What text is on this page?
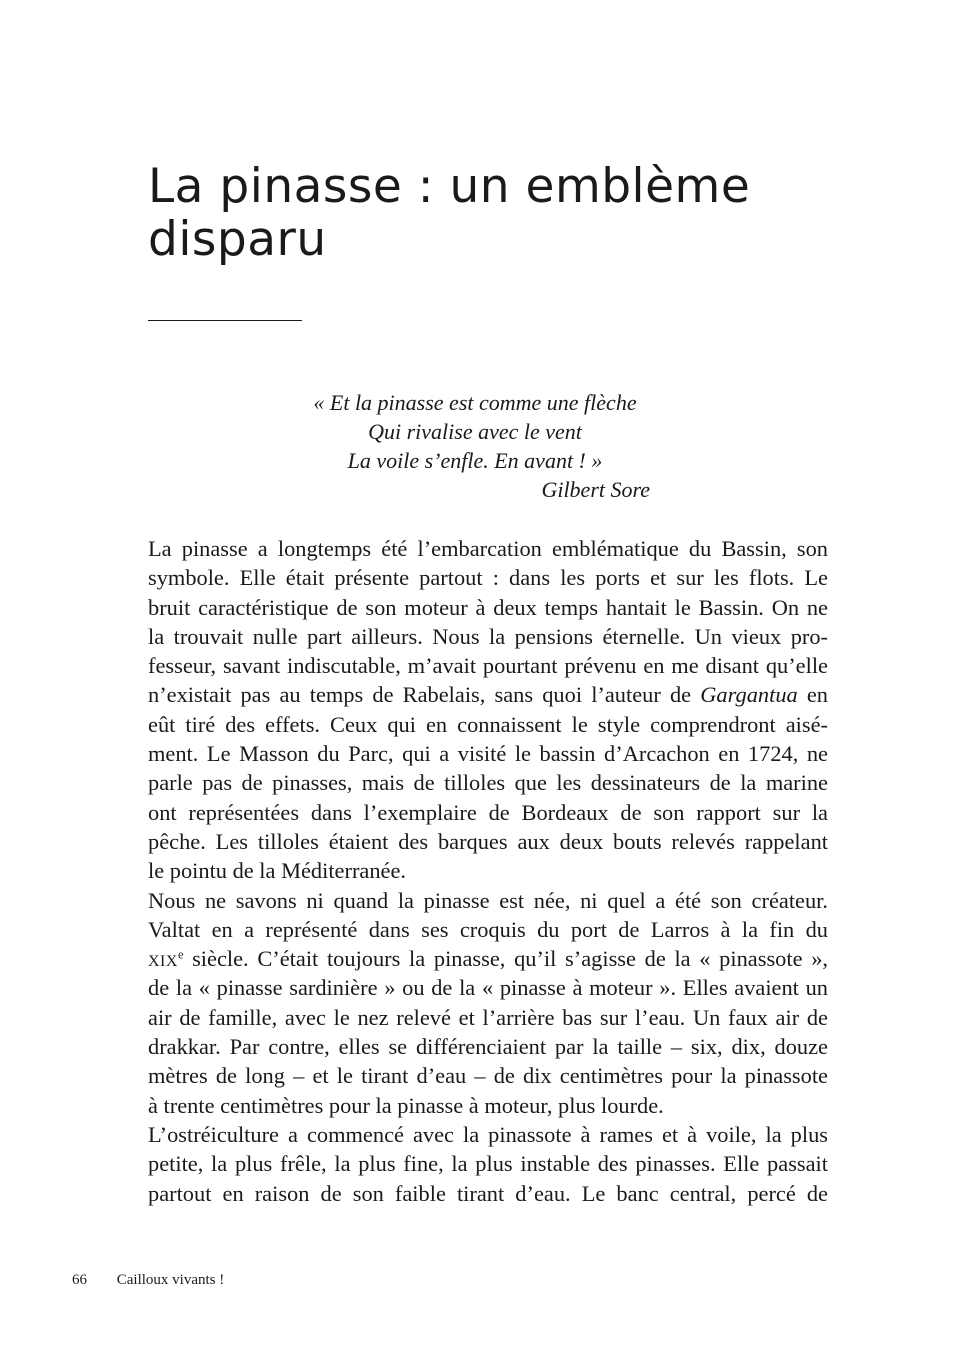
La pinasse : un emblème
disparu
« Et la pinasse est comme une flèche
Qui rivalise avec le vent
La voile s’enfle. En avant ! »
Gilbert Sore
La pinasse a longtemps été l’embarcation emblématique du Bassin, son
symbole. Elle était présente partout : dans les ports et sur les flots. Le
bruit caractéristique de son moteur à deux temps hantait le Bassin. On ne
la trouvait nulle part ailleurs. Nous la pensions éternelle. Un vieux pro-
fesseur, savant indiscutable, m’avait pourtant prévenu en me disant qu’elle
n’existait pas au temps de Rabelais, sans quoi l’auteur de Gargantua en
eût tiré des effets. Ceux qui en connaissent le style comprendront aisé-
ment. Le Masson du Parc, qui a visité le bassin d’Arcachon en 1724, ne
parle pas de pinasses, mais de tilloles que les dessinateurs de la marine
ont représentées dans l’exemplaire de Bordeaux de son rapport sur la
pêche. Les tilloles étaient des barques aux deux bouts relevés rappelant
le pointu de la Méditerranée.
Nous ne savons ni quand la pinasse est née, ni quel a été son créateur.
Valtat en a représenté dans ses croquis du port de Larros à la fin du
xix$^e$ siècle. C’était toujours la pinasse, qu’il s’agisse de la « pinassote »,
de la « pinasse sardinière » ou de la « pinasse à moteur ». Elles avaient un
air de famille, avec le nez relevé et l’arrière bas sur l’eau. Un faux air de
drakkar. Par contre, elles se différenciaient par la taille – six, dix, douze
mètres de long – et le tirant d’eau – de dix centimètres pour la pinassote
à trente centimètres pour la pinasse à moteur, plus lourde.
L’ostréiculture a commencé avec la pinassote à rames et à voile, la plus
petite, la plus frêle, la plus fine, la plus instable des pinasses. Elle passait
partout en raison de son faible tirant d’eau. Le banc central, percé de
66 Cailloux vivants !
